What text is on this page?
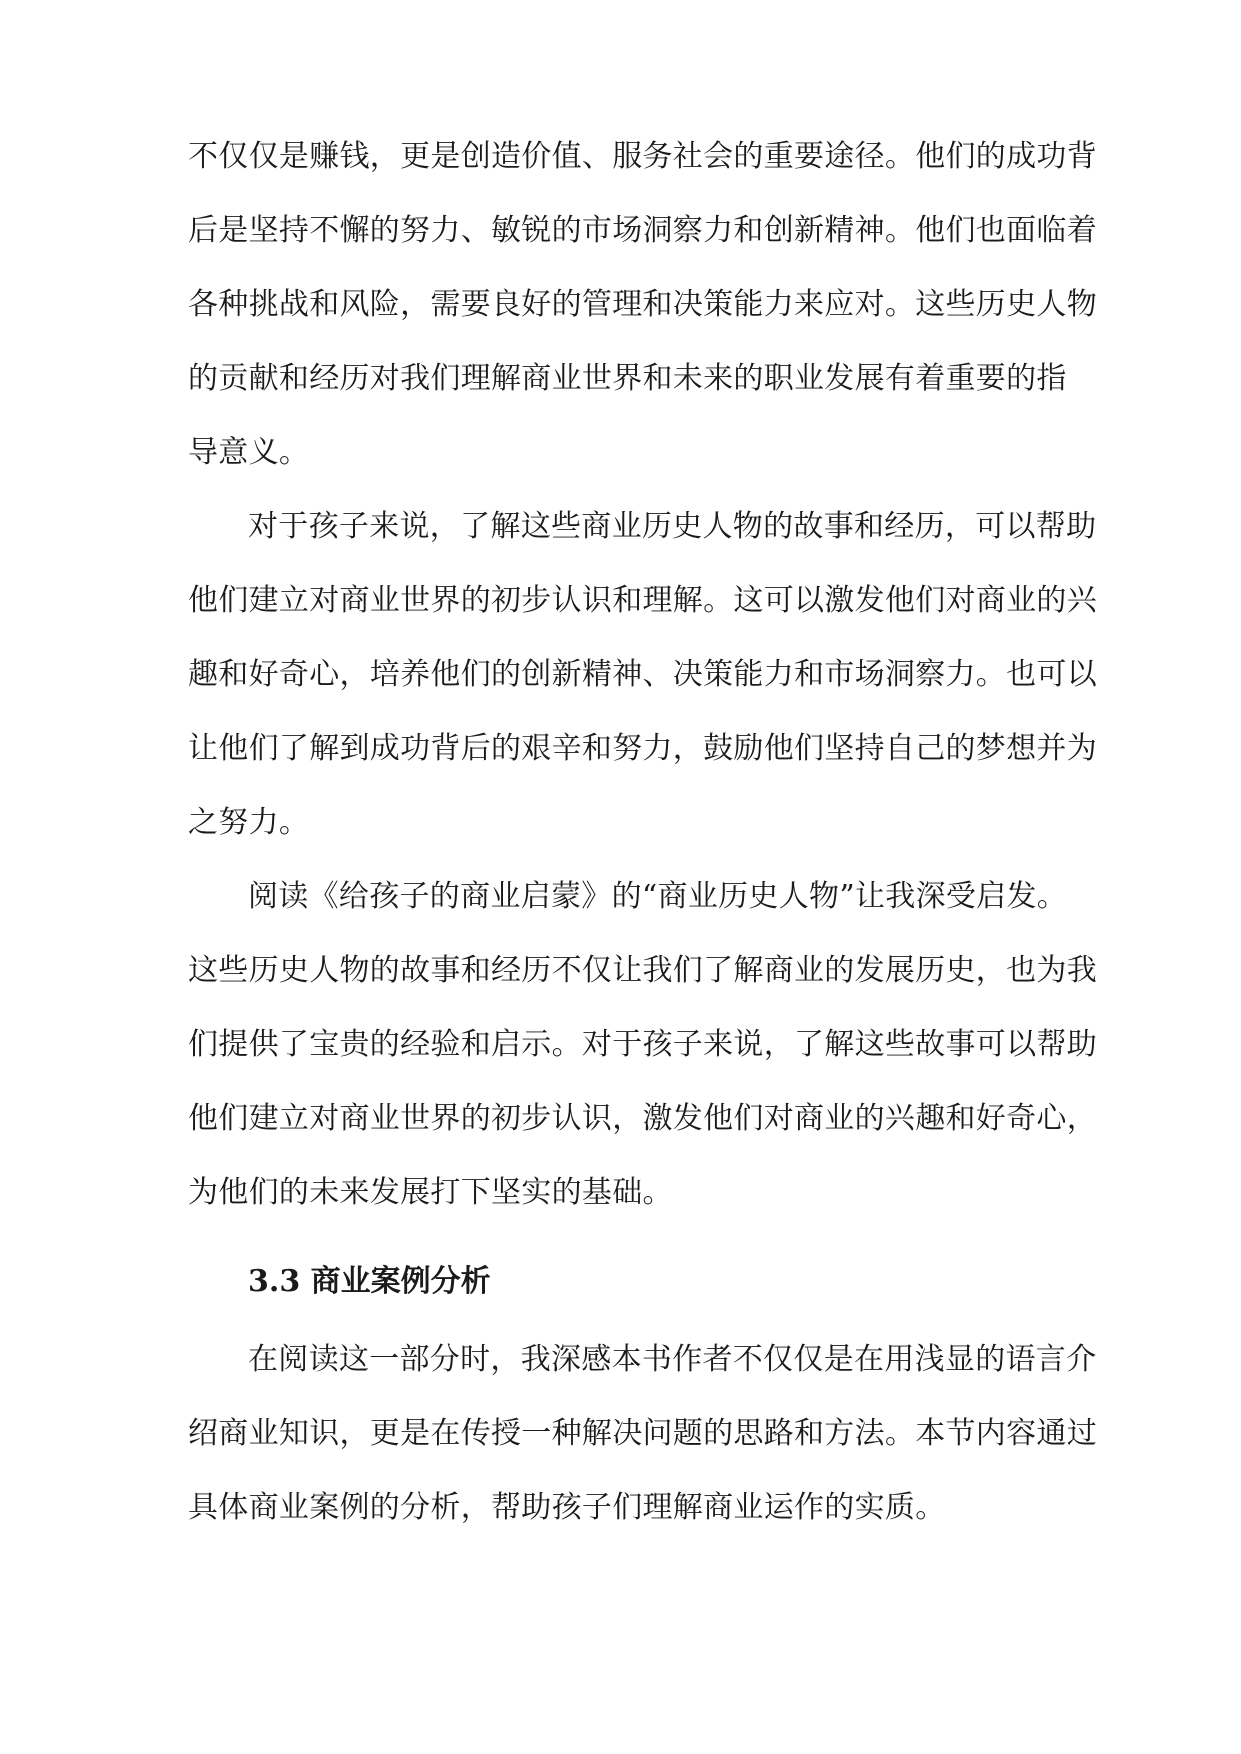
不仅仅是赚钱，更是创造价值、服务社会的重要途径。他们的成功背
后是坚持不懈的努力、敏锐的市场洞察力和创新精神。他们也面临着
各种挑战和风险，需要良好的管理和决策能力来应对。这些历史人物
的贡献和经历对我们理解商业世界和未来的职业发展有着重要的指
导意义。
对于孩子来说，了解这些商业历史人物的故事和经历，可以帮助
他们建立对商业世界的初步认识和理解。这可以激发他们对商业的兴
趣和好奇心，培养他们的创新精神、决策能力和市场洞察力。也可以
让他们了解到成功背后的艰辛和努力，鼓励他们坚持自己的梦想并为
之努力。
阅读《给孩子的商业启蒙》的“商业历史人物”让我深受启发。
这些历史人物的故事和经历不仅让我们了解商业的发展历史，也为我
们提供了宝贵的经验和启示。对于孩子来说，了解这些故事可以帮助
他们建立对商业世界的初步认识，激发他们对商业的兴趣和好奇心，
为他们的未来发展打下坚实的基础。
3.3 商业案例分析
在阅读这一部分时，我深感本书作者不仅仅是在用浅显的语言介
绍商业知识，更是在传授一种解决问题的思路和方法。本节内容通过
具体商业案例的分析，帮助孩子们理解商业运作的实质。
